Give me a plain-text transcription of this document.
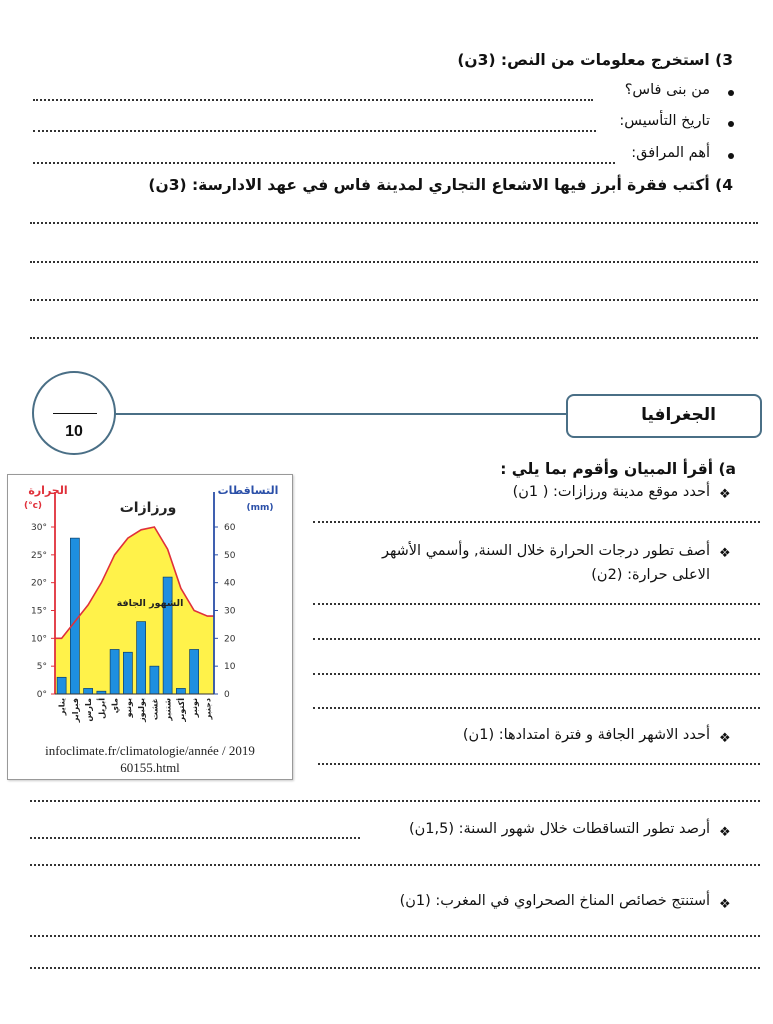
3) استخرج معلومات من النص: (3ن)
من بنى فاس؟
تاريخ التأسيس:
أهم المرافق:
4) أكتب فقرة أبرز فيها الاشعاع التجاري لمدينة فاس في عهد الادارسة: (3ن)
10
الجغرافيا
a) أقرأ المبيان وأقوم بما يلي :
❖
أحدد موقع مدينة ورزازات: ( 1ن)
❖
أصف تطور درجات الحرارة خلال السنة, وأسمي الأشهر
الاعلى حرارة: (2ن)
❖
أحدد الاشهر الجافة و فترة امتدادها: (1ن)
❖
أرصد تطور التساقطات خلال شهور السنة: (1,5ن)
❖
أستنتج خصائص المناخ الصحراوي في المغرب: (1ن)
0°
5°
10°
15°
20°
25°
30°
0
10
20
30
40
50
60
يناير فبراير مارس أبريل ماي يونيو يوليوز غشت شتنبر أكتوبر نونبر دجنبر
الحرارة
(°c)
التساقطات
(mm)
ورزازات
الشهور الجافة
infoclimate.fr/climatologie/année / 2019
60155.html
